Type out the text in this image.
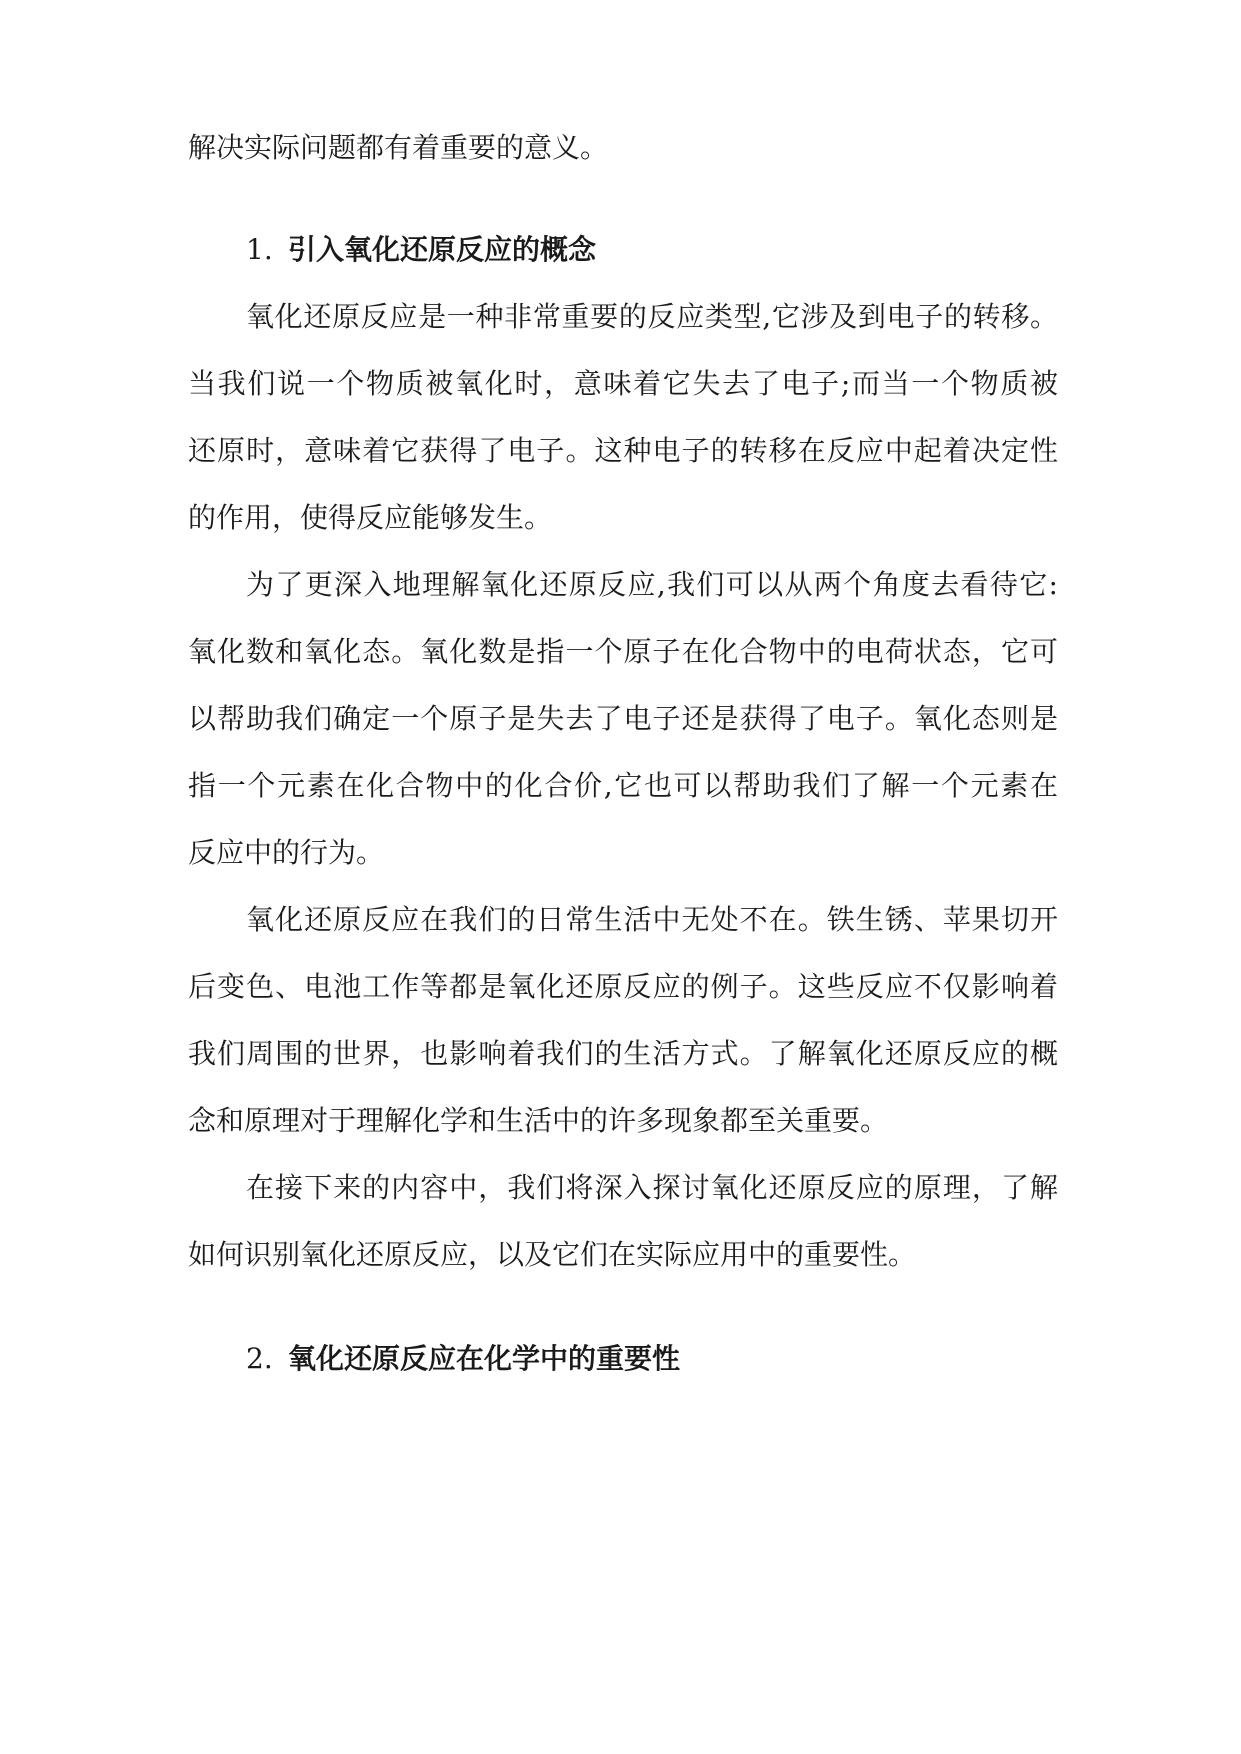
解决实际问题都有着重要的意义。
1. 引入氧化还原反应的概念
氧化还原反应是一种非常重要的反应类型,它涉及到电子的转移。
当我们说一个物质被氧化时，意味着它失去了电子;而当一个物质被
还原时，意味着它获得了电子。这种电子的转移在反应中起着决定性
的作用，使得反应能够发生。
为了更深入地理解氧化还原反应,我们可以从两个角度去看待它:
氧化数和氧化态。氧化数是指一个原子在化合物中的电荷状态，它可
以帮助我们确定一个原子是失去了电子还是获得了电子。氧化态则是
指一个元素在化合物中的化合价,它也可以帮助我们了解一个元素在
反应中的行为。
氧化还原反应在我们的日常生活中无处不在。铁生锈、苹果切开
后变色、电池工作等都是氧化还原反应的例子。这些反应不仅影响着
我们周围的世界，也影响着我们的生活方式。了解氧化还原反应的概
念和原理对于理解化学和生活中的许多现象都至关重要。
在接下来的内容中，我们将深入探讨氧化还原反应的原理，了解
如何识别氧化还原反应，以及它们在实际应用中的重要性。
2. 氧化还原反应在化学中的重要性
